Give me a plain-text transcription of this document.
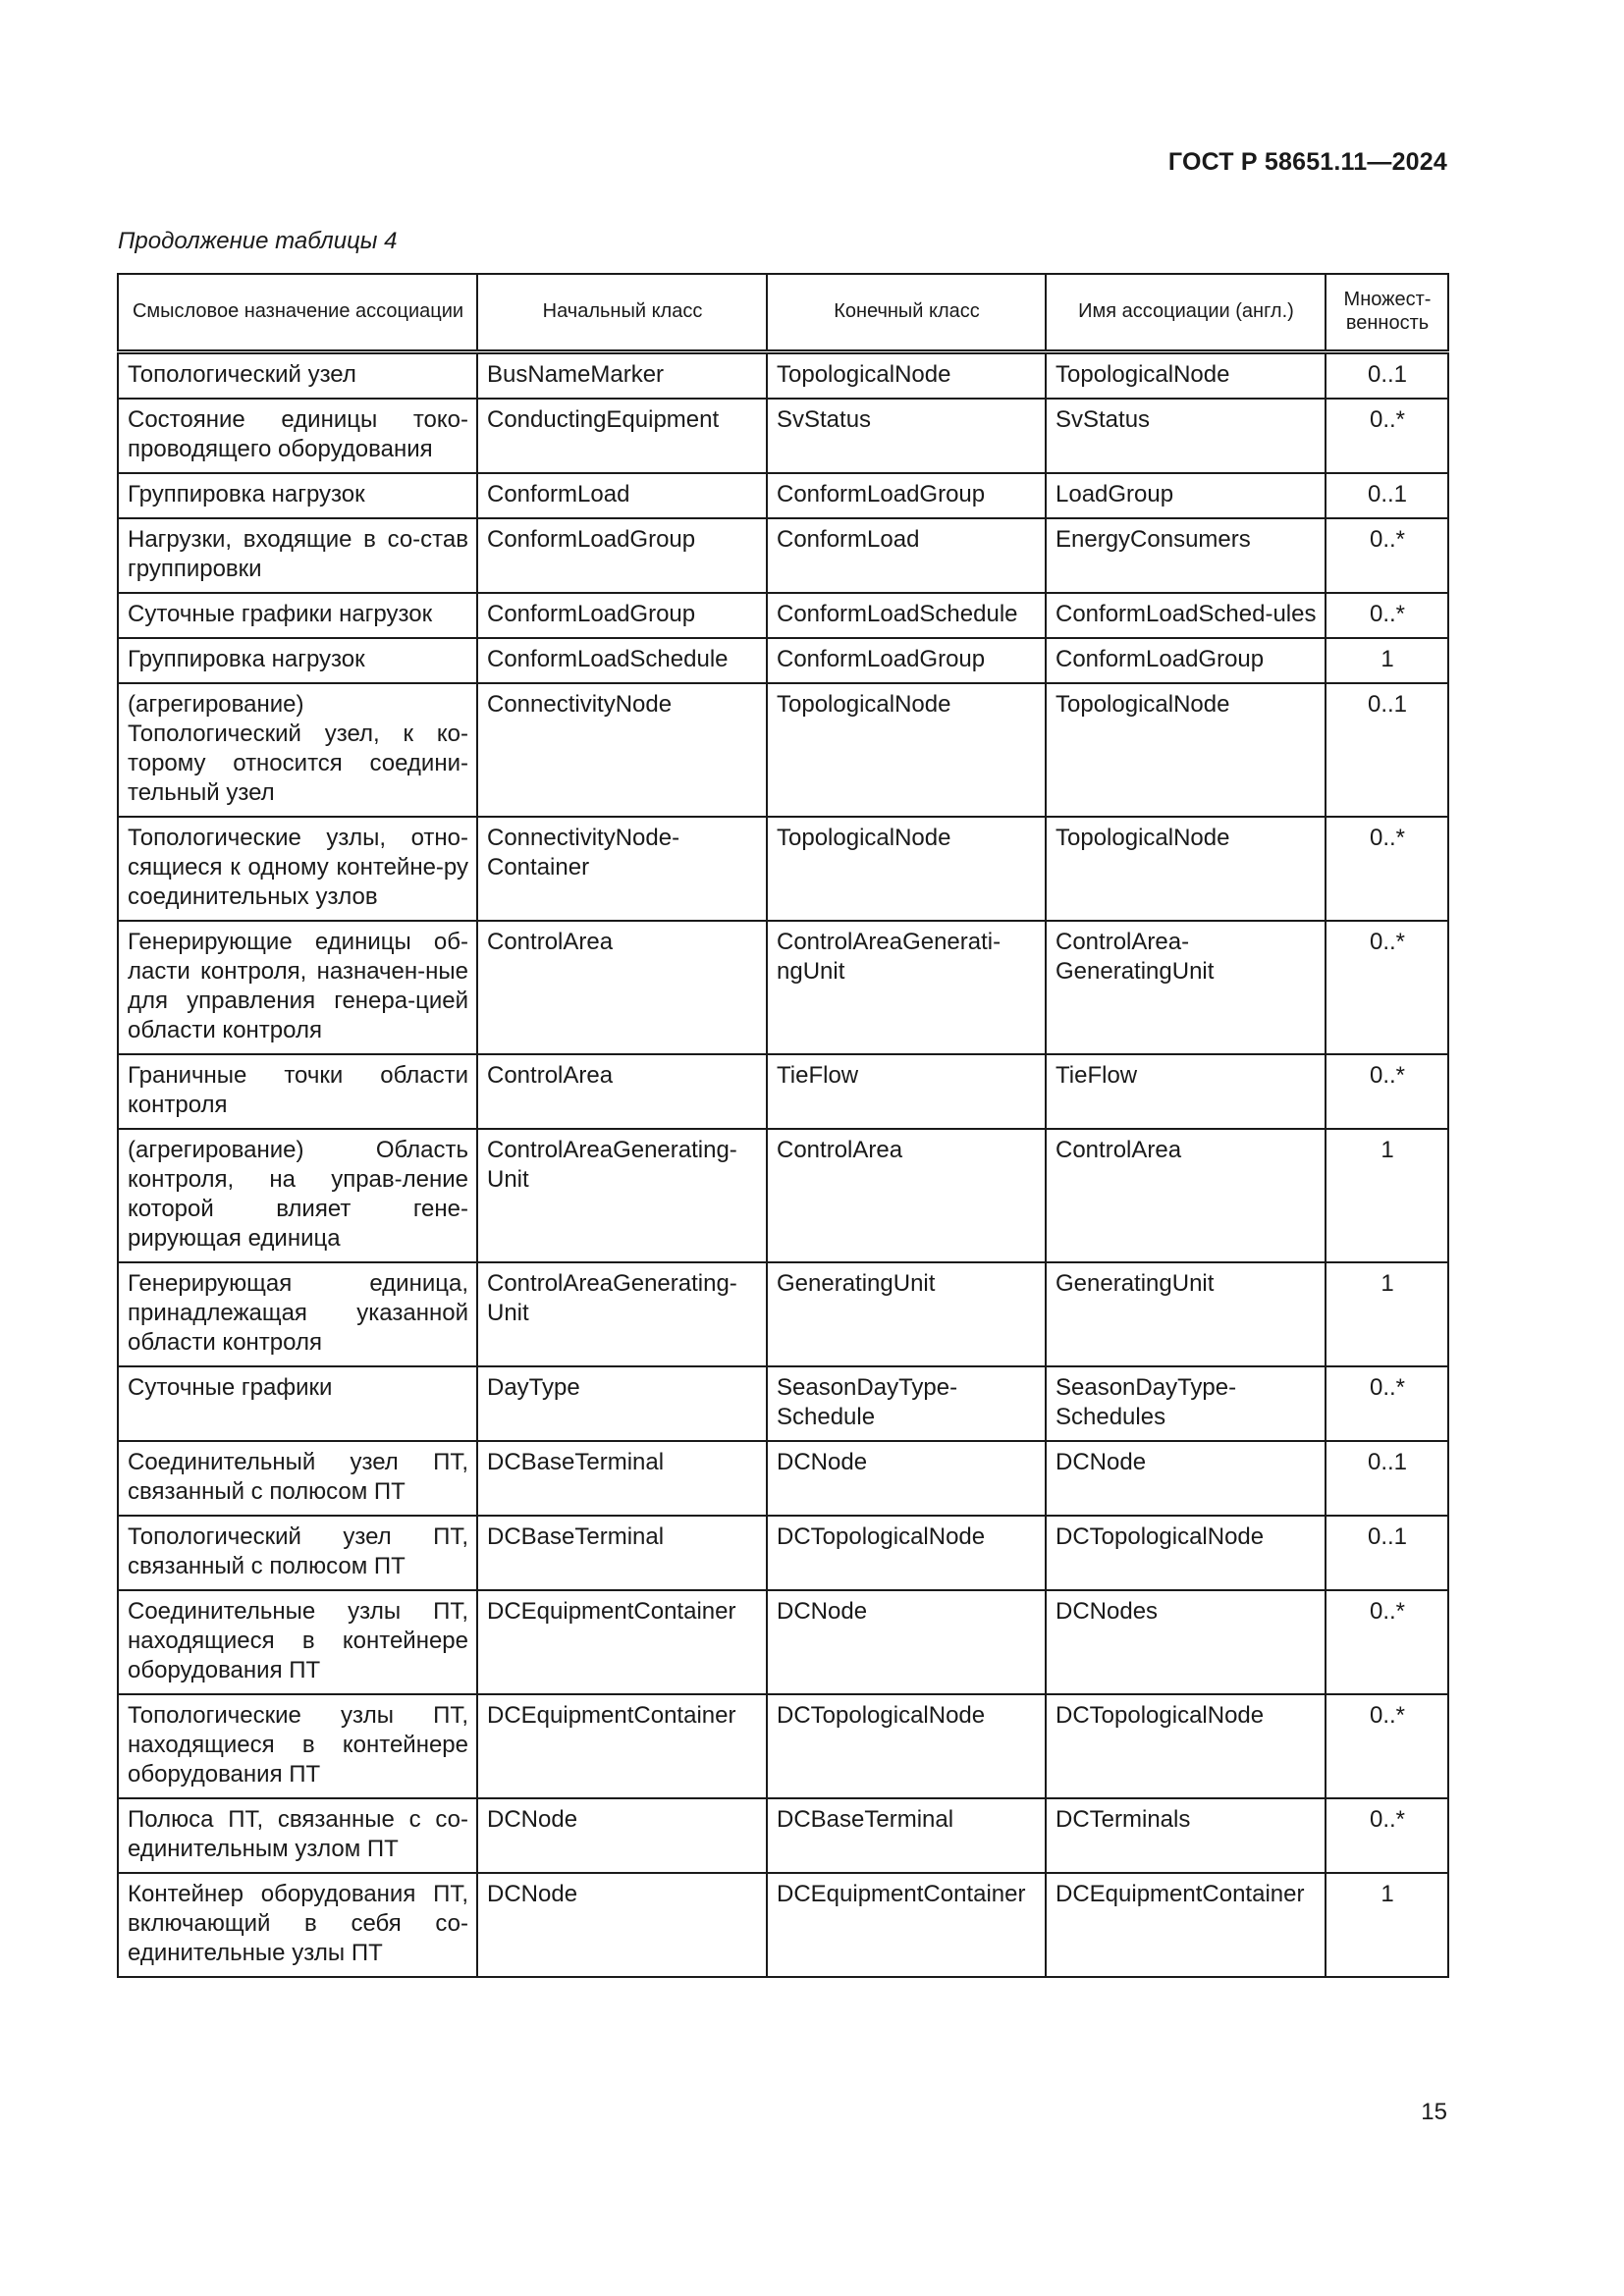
ГОСТ Р 58651.11—2024
Продолжение таблицы 4
Смысловое назначение ассоциации	Начальный класс	Конечный класс	Имя ассоциации (англ.)	Множест-венность
Топологический узел	BusNameMarker	TopologicalNode	TopologicalNode	0..1
Состояние единицы токо-проводящего оборудования	ConductingEquipment	SvStatus	SvStatus	0..*
Группировка нагрузок	ConformLoad	ConformLoadGroup	LoadGroup	0..1
Нагрузки, входящие в со-став группировки	ConformLoadGroup	ConformLoad	EnergyConsumers	0..*
Суточные графики нагрузок	ConformLoadGroup	ConformLoadSchedule	ConformLoadSched-ules	0..*
Группировка нагрузок	ConformLoadSchedule	ConformLoadGroup	ConformLoadGroup	1
(агрегирование) Топологический узел, к ко-торому относится соедини-тельный узел	ConnectivityNode	TopologicalNode	TopologicalNode	0..1
Топологические узлы, отно-сящиеся к одному контейне-ру соединительных узлов	ConnectivityNode-Container	TopologicalNode	TopologicalNode	0..*
Генерирующие единицы об-ласти контроля, назначен-ные для управления генера-цией области контроля	ControlArea	ControlAreaGenerati-ngUnit	ControlArea-GeneratingUnit	0..*
Граничные точки области контроля	ControlArea	TieFlow	TieFlow	0..*
(агрегирование) Область контроля, на управ-ление которой влияет гене-рирующая единица	ControlAreaGenerating-Unit	ControlArea	ControlArea	1
Генерирующая единица, принадлежащая указанной области контроля	ControlAreaGenerating-Unit	GeneratingUnit	GeneratingUnit	1
Суточные графики	DayType	SeasonDayType-Schedule	SeasonDayType-Schedules	0..*
Соединительный узел ПТ, связанный с полюсом ПТ	DCBaseTerminal	DCNode	DCNode	0..1
Топологический узел ПТ, связанный с полюсом ПТ	DCBaseTerminal	DCTopologicalNode	DCTopologicalNode	0..1
Соединительные узлы ПТ, находящиеся в контейнере оборудования ПТ	DCEquipmentContainer	DCNode	DCNodes	0..*
Топологические узлы ПТ, находящиеся в контейнере оборудования ПТ	DCEquipmentContainer	DCTopologicalNode	DCTopologicalNode	0..*
Полюса ПТ, связанные с со-единительным узлом ПТ	DCNode	DCBaseTerminal	DCTerminals	0..*
Контейнер оборудования ПТ, включающий в себя со-единительные узлы ПТ	DCNode	DCEquipmentContainer	DCEquipmentContainer	1
15
